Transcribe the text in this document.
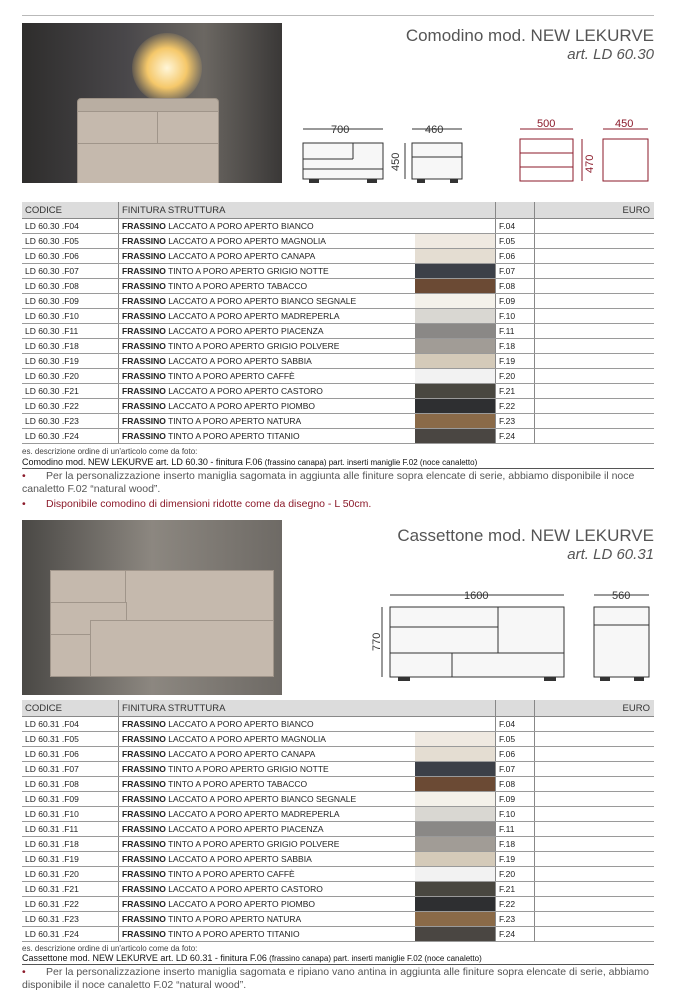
Comodino mod. NEW LEKURVE
art. LD 60.30
700	460
450
500	450
470
CODICE	FINITURA STRUTTURA			EURO
LD 60.30 .F04	FRASSINO LACCATO A PORO APERTO BIANCO		F.04	
LD 60.30 .F05	FRASSINO LACCATO A PORO APERTO MAGNOLIA		F.05	
LD 60.30 .F06	FRASSINO LACCATO A PORO APERTO CANAPA		F.06	
LD 60.30 .F07	FRASSINO TINTO A PORO APERTO GRIGIO NOTTE		F.07	
LD 60.30 .F08	FRASSINO TINTO A PORO APERTO TABACCO		F.08	
LD 60.30 .F09	FRASSINO LACCATO A PORO APERTO BIANCO SEGNALE		F.09	
LD 60.30 .F10	FRASSINO LACCATO A PORO APERTO MADREPERLA		F.10	
LD 60.30 .F11	FRASSINO LACCATO A PORO APERTO PIACENZA		F.11	
LD 60.30 .F18	FRASSINO TINTO A PORO APERTO GRIGIO POLVERE		F.18	
LD 60.30 .F19	FRASSINO LACCATO A PORO APERTO SABBIA		F.19	
LD 60.30 .F20	FRASSINO TINTO A PORO APERTO CAFFÈ		F.20	
LD 60.30 .F21	FRASSINO LACCATO A PORO APERTO CASTORO		F.21	
LD 60.30 .F22	FRASSINO LACCATO A PORO APERTO PIOMBO		F.22	
LD 60.30 .F23	FRASSINO TINTO A PORO APERTO NATURA		F.23	
LD 60.30 .F24	FRASSINO TINTO A PORO APERTO TITANIO		F.24	
es. descrizione ordine di un'articolo come da foto:
Comodino mod. NEW LEKURVE art. LD 60.30 - finitura F.06 (frassino canapa) part. inserti maniglie F.02 (noce canaletto)
• Per la personalizzazione inserto maniglia sagomata in aggiunta alle finiture sopra elencate di serie, abbiamo disponibile il noce canaletto F.02 “natural wood”.
• Disponibile comodino di dimensioni ridotte come da disegno - L 50cm.
Cassettone mod. NEW LEKURVE
art. LD 60.31
1600	560
770
CODICE	FINITURA STRUTTURA			EURO
LD 60.31 .F04	FRASSINO LACCATO A PORO APERTO BIANCO		F.04	
LD 60.31 .F05	FRASSINO LACCATO A PORO APERTO MAGNOLIA		F.05	
LD 60.31 .F06	FRASSINO LACCATO A PORO APERTO CANAPA		F.06	
LD 60.31 .F07	FRASSINO TINTO A PORO APERTO GRIGIO NOTTE		F.07	
LD 60.31 .F08	FRASSINO TINTO A PORO APERTO TABACCO		F.08	
LD 60.31 .F09	FRASSINO LACCATO A PORO APERTO BIANCO SEGNALE		F.09	
LD 60.31 .F10	FRASSINO LACCATO A PORO APERTO MADREPERLA		F.10	
LD 60.31 .F11	FRASSINO LACCATO A PORO APERTO PIACENZA		F.11	
LD 60.31 .F18	FRASSINO TINTO A PORO APERTO GRIGIO POLVERE		F.18	
LD 60.31 .F19	FRASSINO LACCATO A PORO APERTO SABBIA		F.19	
LD 60.31 .F20	FRASSINO TINTO A PORO APERTO CAFFÈ		F.20	
LD 60.31 .F21	FRASSINO LACCATO A PORO APERTO CASTORO		F.21	
LD 60.31 .F22	FRASSINO LACCATO A PORO APERTO PIOMBO		F.22	
LD 60.31 .F23	FRASSINO TINTO A PORO APERTO NATURA		F.23	
LD 60.31 .F24	FRASSINO TINTO A PORO APERTO TITANIO		F.24	
es. descrizione ordine di un'articolo come da foto:
Cassettone mod. NEW LEKURVE art. LD 60.31 - finitura F.06 (frassino canapa) part. inserti maniglie F.02 (noce canaletto)
• Per la personalizzazione inserto maniglia sagomata e ripiano vano antina in aggiunta alle finiture sopra elencate di serie, abbiamo disponibile il noce canaletto F.02 “natural wood”.
